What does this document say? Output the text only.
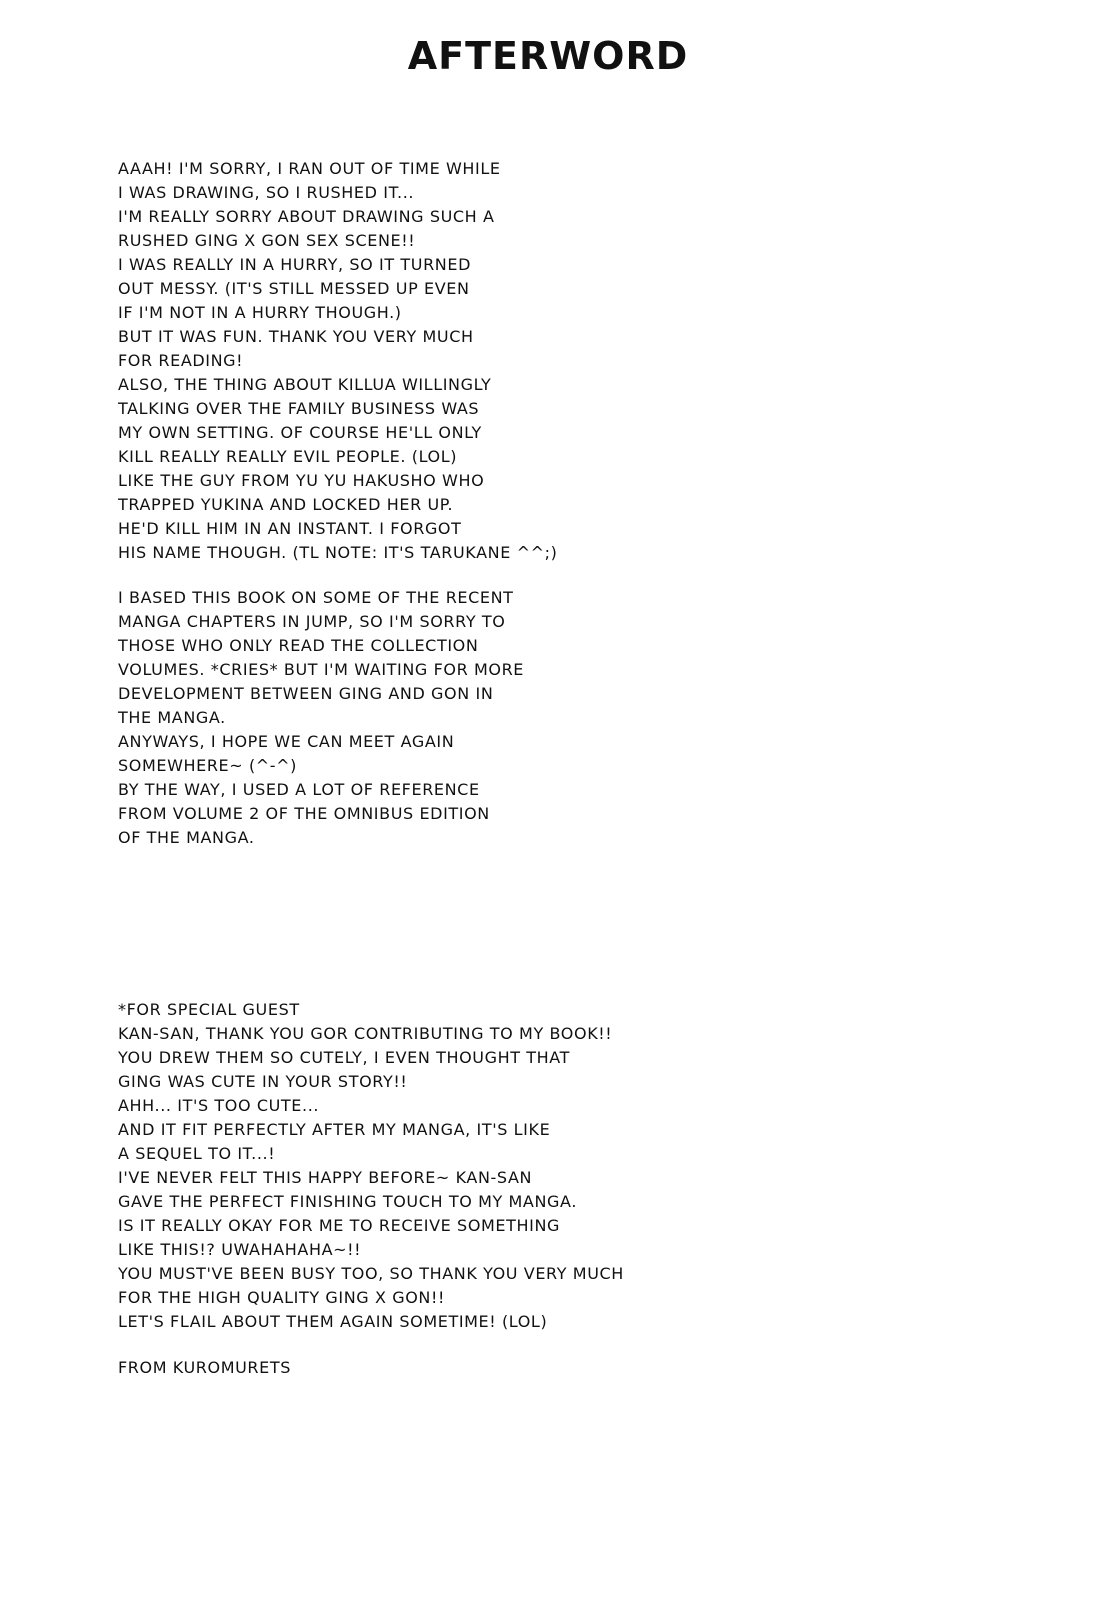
AFTERWORD
AAAH! I'M SORRY, I RAN OUT OF TIME WHILE
I WAS DRAWING, SO I RUSHED IT...
I'M REALLY SORRY ABOUT DRAWING SUCH A
RUSHED GING X GON SEX SCENE!!
I WAS REALLY IN A HURRY, SO IT TURNED
OUT MESSY. (IT'S STILL MESSED UP EVEN
IF I'M NOT IN A HURRY THOUGH.)
BUT IT WAS FUN. THANK YOU VERY MUCH
FOR READING!
ALSO, THE THING ABOUT KILLUA WILLINGLY
TALKING OVER THE FAMILY BUSINESS WAS
MY OWN SETTING. OF COURSE HE'LL ONLY
KILL REALLY REALLY EVIL PEOPLE. (LOL)
LIKE THE GUY FROM YU YU HAKUSHO WHO
TRAPPED YUKINA AND LOCKED HER UP.
HE'D KILL HIM IN AN INSTANT. I FORGOT
HIS NAME THOUGH. (TL NOTE: IT'S TARUKANE ^^;)
I BASED THIS BOOK ON SOME OF THE RECENT
MANGA CHAPTERS IN JUMP, SO I'M SORRY TO
THOSE WHO ONLY READ THE COLLECTION
VOLUMES. *CRIES* BUT I'M WAITING FOR MORE
DEVELOPMENT BETWEEN GING AND GON IN
THE MANGA.
ANYWAYS, I HOPE WE CAN MEET AGAIN
SOMEWHERE~ (^-^)
BY THE WAY, I USED A LOT OF REFERENCE
FROM VOLUME 2 OF THE OMNIBUS EDITION
OF THE MANGA.
*FOR SPECIAL GUEST
KAN-SAN, THANK YOU GOR CONTRIBUTING TO MY BOOK!!
YOU DREW THEM SO CUTELY, I EVEN THOUGHT THAT
GING WAS CUTE IN YOUR STORY!!
AHH... IT'S TOO CUTE...
AND IT FIT PERFECTLY AFTER MY MANGA, IT'S LIKE
A SEQUEL TO IT...!
I'VE NEVER FELT THIS HAPPY BEFORE~ KAN-SAN
GAVE THE PERFECT FINISHING TOUCH TO MY MANGA.
IS IT REALLY OKAY FOR ME TO RECEIVE SOMETHING
LIKE THIS!? UWAHAHAHA~!!
YOU MUST'VE BEEN BUSY TOO, SO THANK YOU VERY MUCH
FOR THE HIGH QUALITY GING X GON!!
LET'S FLAIL ABOUT THEM AGAIN SOMETIME! (LOL)
FROM KUROMURETS
